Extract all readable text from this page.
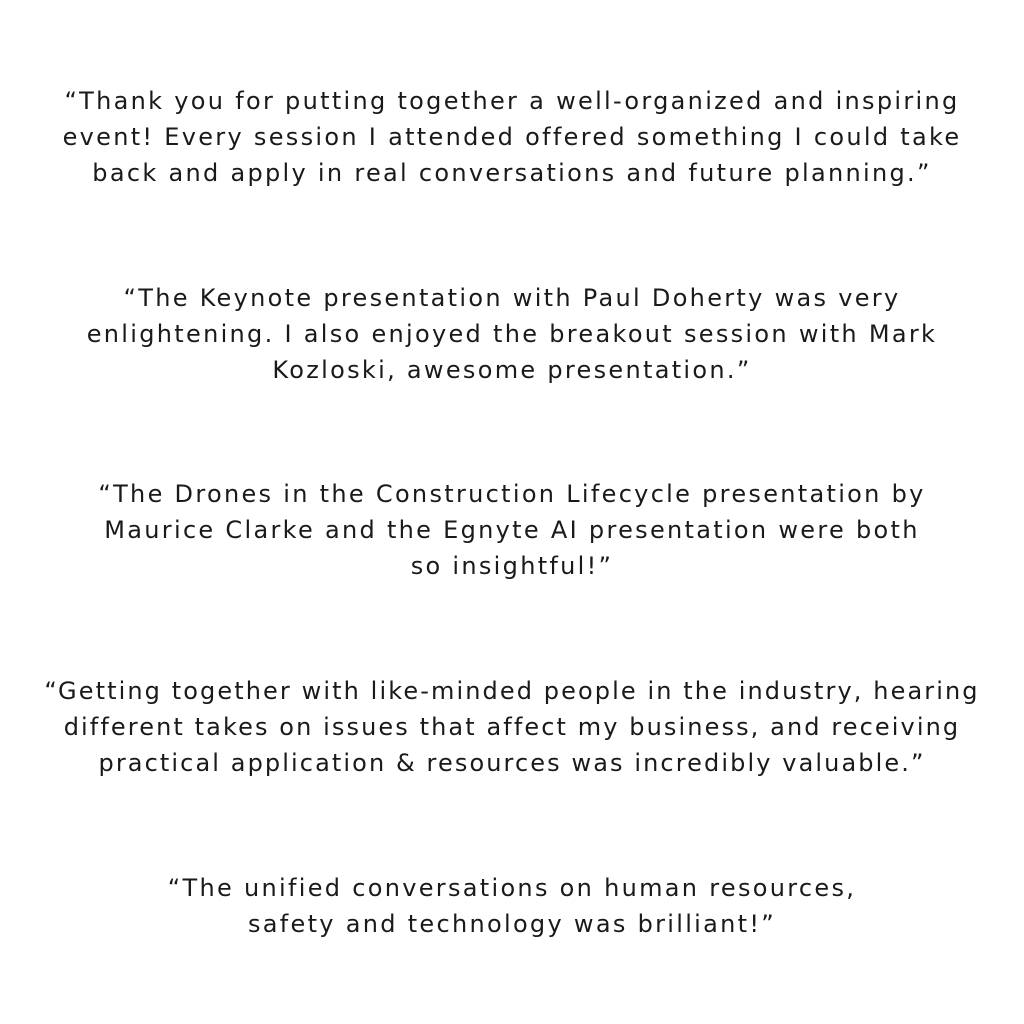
“Thank you for putting together a well-organized and inspiring
event! Every session I attended offered something I could take
back and apply in real conversations and future planning.”

“The Keynote presentation with Paul Doherty was very
enlightening. I also enjoyed the breakout session with Mark
Kozloski, awesome presentation.”

“The Drones in the Construction Lifecycle presentation by
Maurice Clarke and the Egnyte AI presentation were both
so insightful!”

“Getting together with like-minded people in the industry, hearing
different takes on issues that affect my business, and receiving
practical application & resources was incredibly valuable.”

“The unified conversations on human resources,
safety and technology was brilliant!”
